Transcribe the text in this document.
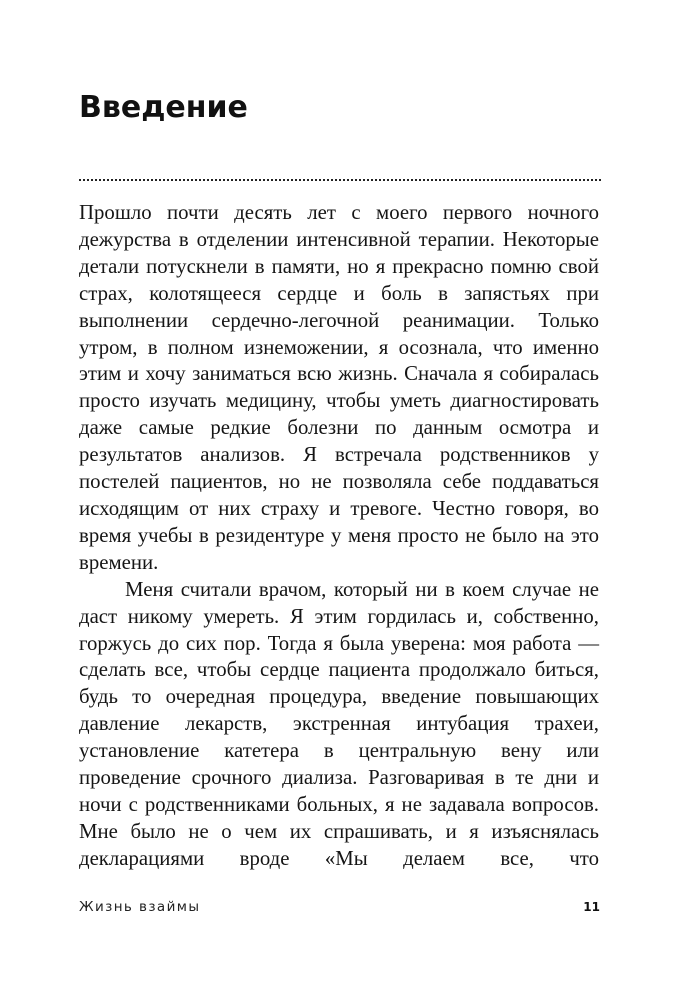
Введение

Прошло почти десять лет с моего первого ночного дежурства в отделении интенсивной терапии. Некоторые детали потускнели в памяти, но я прекрасно помню свой страх, колотящееся сердце и боль в запястьях при выполнении сердечно-легочной реанимации. Только утром, в полном изнеможении, я осознала, что именно этим и хочу заниматься всю жизнь. Сначала я собиралась просто изучать медицину, чтобы уметь диагностировать даже самые редкие болезни по данным осмотра и результатов анализов. Я встречала родственников у постелей пациентов, но не позволяла себе поддаваться исходящим от них страху и тревоге. Честно говоря, во время учебы в резидентуре у меня просто не было на это времени.

Меня считали врачом, который ни в коем случае не даст никому умереть. Я этим гордилась и, собственно, горжусь до сих пор. Тогда я была уверена: моя работа — сделать все, чтобы сердце пациента продолжало биться, будь то очередная процедура, введение повышающих давление лекарств, экстренная интубация трахеи, установление катетера в центральную вену или проведение срочного диализа. Разговаривая в те дни и ночи с родственниками больных, я не задавала вопросов. Мне было не о чем их спрашивать, и я изъяснялась декларациями вроде «Мы делаем все, что

Жизнь взаймы	11
